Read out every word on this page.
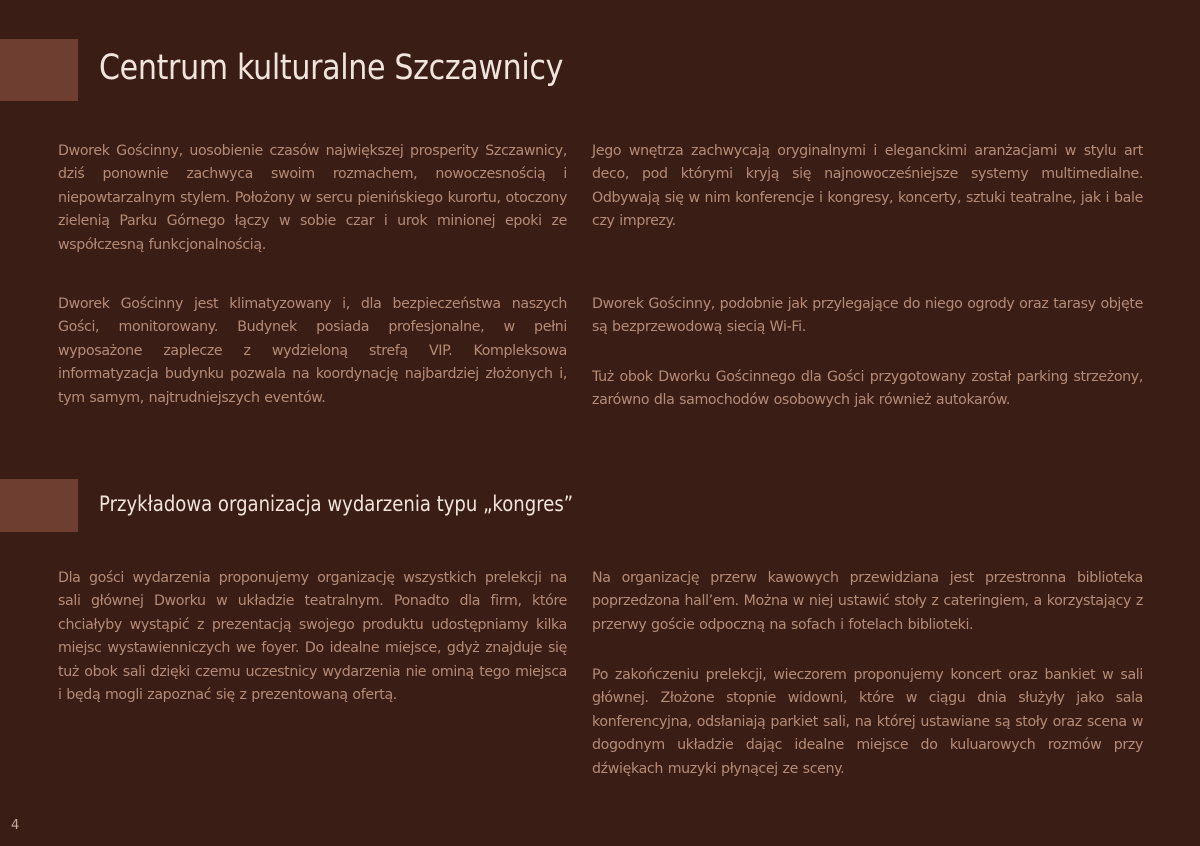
Centrum kulturalne Szczawnicy

Dworek Gościnny, uosobienie czasów największej prosperity Szczawnicy, dziś ponownie zachwyca swoim rozmachem, nowoczesnością i niepowtarzalnym stylem. Położony w sercu pienińskiego kurortu, otoczony zielenią Parku Górnego łączy w sobie czar i urok minionej epoki ze współczesną funkcjonalnością.

Jego wnętrza zachwycają oryginalnymi i eleganckimi aranżacjami w stylu art deco, pod którymi kryją się najnowocześniejsze systemy multimedialne. Odbywają się w nim konferencje i kongresy, koncerty, sztuki teatralne, jak i bale czy imprezy.

Dworek Gościnny jest klimatyzowany i, dla bezpieczeństwa naszych Gości, monitorowany. Budynek posiada profesjonalne, w pełni wyposażone zaplecze z wydzieloną strefą VIP. Kompleksowa informatyzacja budynku pozwala na koordynację najbardziej złożonych i, tym samym, najtrudniejszych eventów.

Dworek Gościnny, podobnie jak przylegające do niego ogrody oraz tarasy objęte są bezprzewodową siecią Wi-Fi.

Tuż obok Dworku Gościnnego dla Gości przygotowany został parking strzeżony, zarówno dla samochodów osobowych jak również autokarów.

Przykładowa organizacja wydarzenia typu „kongres”

Dla gości wydarzenia proponujemy organizację wszystkich prelekcji na sali głównej Dworku w układzie teatralnym. Ponadto dla firm, które chciałyby wystąpić z prezentacją swojego produktu udostępniamy kilka miejsc wystawienniczych we foyer. Do idealne miejsce, gdyż znajduje się tuż obok sali dzięki czemu uczestnicy wydarzenia nie ominą tego miejsca i będą mogli zapoznać się z prezentowaną ofertą.

Na organizację przerw kawowych przewidziana jest przestronna biblioteka poprzedzona hall’em. Można w niej ustawić stoły z cateringiem, a korzystający z przerwy goście odpoczną na sofach i fotelach biblioteki.

Po zakończeniu prelekcji, wieczorem proponujemy koncert oraz bankiet w sali głównej. Złożone stopnie widowni, które w ciągu dnia służyły jako sala konferencyjna, odsłaniają parkiet sali, na której ustawiane są stoły oraz scena w dogodnym układzie dając idealne miejsce do kuluarowych rozmów przy dźwiękach muzyki płynącej ze sceny.

4
